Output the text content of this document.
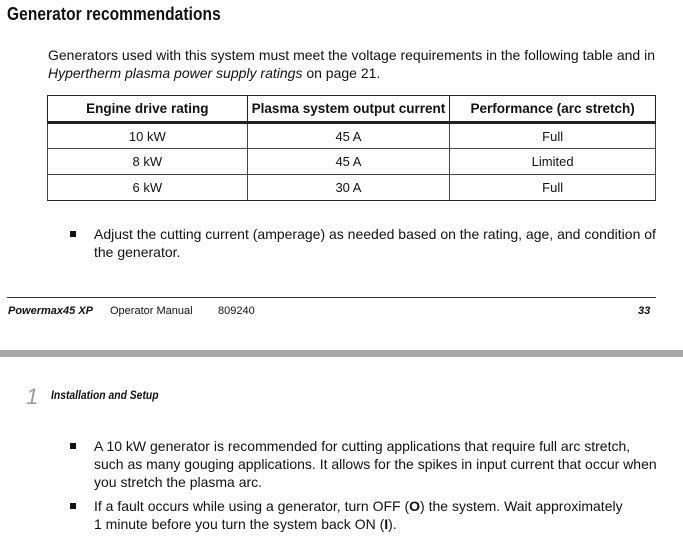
Generator recommendations

Generators used with this system must meet the voltage requirements in the following table and in Hypertherm plasma power supply ratings on page 21.

Engine drive rating	Plasma system output current	Performance (arc stretch)
10 kW	45 A	Full
8 kW	45 A	Limited
6 kW	30 A	Full
Adjust the cutting current (amperage) as needed based on the rating, age, and condition of
the generator.
Powermax45 XP Operator Manual 809240	33
1 Installation and Setup
A 10 kW generator is recommended for cutting applications that require full arc stretch,
such as many gouging applications. It allows for the spikes in input current that occur when
you stretch the plasma arc.
If a fault occurs while using a generator, turn OFF (O) the system. Wait approximately
1 minute before you turn the system back ON (I).
